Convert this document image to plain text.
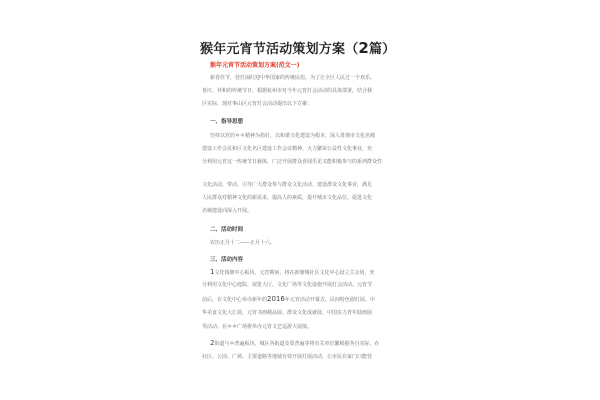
猴年元宵节活动策划方案（2篇）
猴年元宵节活动策划方案(范文一)
新春佳节，营灯闹红迎中华国家的传统民俗。为了让全区人民过一个欢乐、
喜庆、祥和的传统节日，根据杭州市对今年元宵灯会活动的具体部署，结合我
区实际，现对事山区元宵灯会活动提出以下方案：
一、指导思想
坚持以党的＊＊精神为指针，以和谐文化建设为根本，深入贯彻市文化名城
建设工作会议和区文化名区建设工作会议精神，大力繁荣公益性文化事业，充
分利用元宵这一传统节日载体，广泛开展群众喜闻乐见又能积极参与的系列群众性
文化活动，带动、引导广大群众参与群众文化活动，建设群众文化事业，满足
人民群众对精神文化的新需求，提高人的素质，提升城市文化品位，促进文化
名城建设向深入开展。
二、活动时间
农历正月十二——正月十六。
三、活动内容
1文化钱塘中心板块。元宵期间，将在新塘城社区文化中心设立主会场，充
分利用文化中心庭院、展览大厅、文化广场等文化设施开展灯会活动。元宵节
前后，在文化中心举办新年的2016年元宵活动开幕式、民间特色剧灯展、中
华美食文化大汇展、元宵书画精品展、群众文化成就展、中国实力青年陆画展
等活动。在＊＊广场将举办元宵文艺巡游大展演。
2街道与＊普遍板块。城区各街道及渠普遍等将有关单位繁根据各自实际，在
社区、公园、广场、主要道路等地域有效开展灯展活动，让市民在家门口能营
